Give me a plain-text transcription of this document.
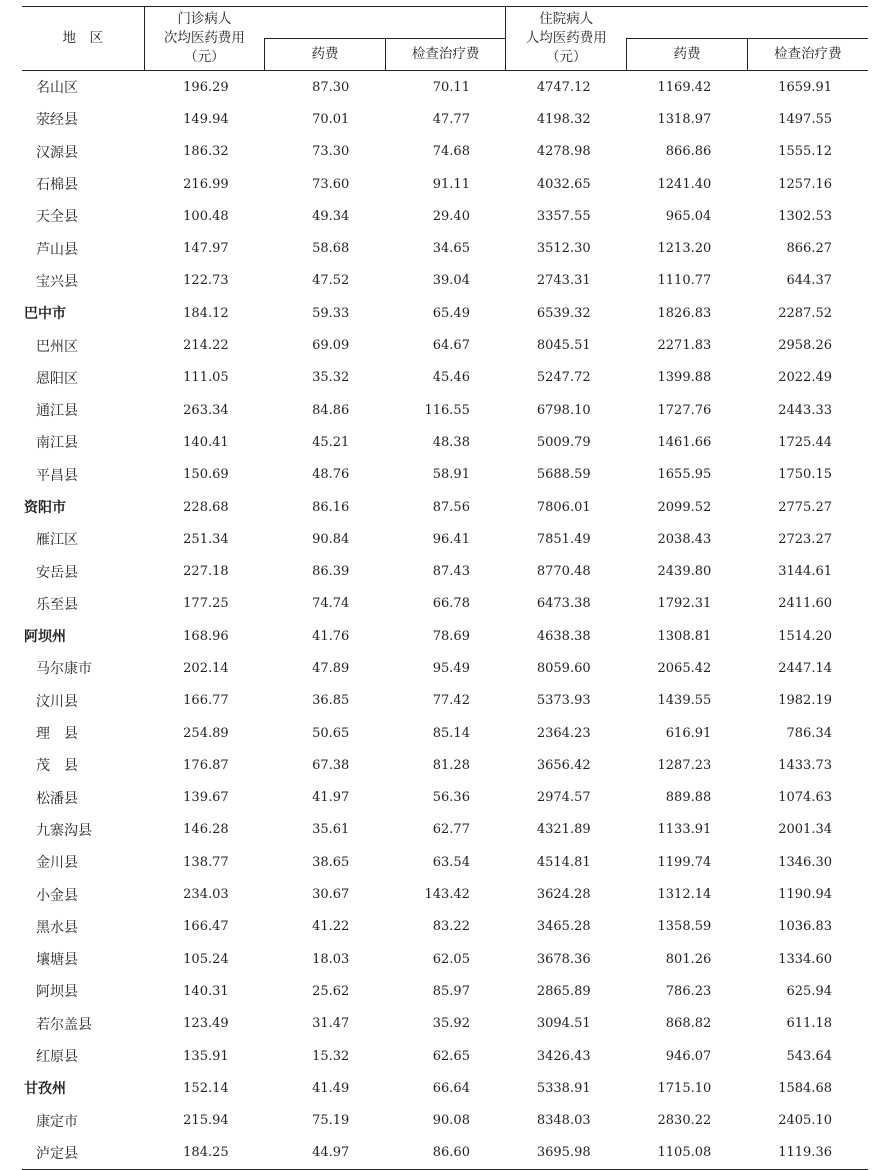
地　区	门诊病人
次均医药费用
（元）			住院病人
人均医药费用
（元）		

		药费	检查治疗费		药费	检查治疗费
名山区	196.29	87.30	70.11	4747.12	1169.42	1659.91
荥经县	149.94	70.01	47.77	4198.32	1318.97	1497.55
汉源县	186.32	73.30	74.68	4278.98	866.86	1555.12
石棉县	216.99	73.60	91.11	4032.65	1241.40	1257.16
天全县	100.48	49.34	29.40	3357.55	965.04	1302.53
芦山县	147.97	58.68	34.65	3512.30	1213.20	866.27
宝兴县	122.73	47.52	39.04	2743.31	1110.77	644.37
巴中市	184.12	59.33	65.49	6539.32	1826.83	2287.52
巴州区	214.22	69.09	64.67	8045.51	2271.83	2958.26
恩阳区	111.05	35.32	45.46	5247.72	1399.88	2022.49
通江县	263.34	84.86	116.55	6798.10	1727.76	2443.33
南江县	140.41	45.21	48.38	5009.79	1461.66	1725.44
平昌县	150.69	48.76	58.91	5688.59	1655.95	1750.15
资阳市	228.68	86.16	87.56	7806.01	2099.52	2775.27
雁江区	251.34	90.84	96.41	7851.49	2038.43	2723.27
安岳县	227.18	86.39	87.43	8770.48	2439.80	3144.61
乐至县	177.25	74.74	66.78	6473.38	1792.31	2411.60
阿坝州	168.96	41.76	78.69	4638.38	1308.81	1514.20
马尔康市	202.14	47.89	95.49	8059.60	2065.42	2447.14
汶川县	166.77	36.85	77.42	5373.93	1439.55	1982.19
理　县	254.89	50.65	85.14	2364.23	616.91	786.34
茂　县	176.87	67.38	81.28	3656.42	1287.23	1433.73
松潘县	139.67	41.97	56.36	2974.57	889.88	1074.63
九寨沟县	146.28	35.61	62.77	4321.89	1133.91	2001.34
金川县	138.77	38.65	63.54	4514.81	1199.74	1346.30
小金县	234.03	30.67	143.42	3624.28	1312.14	1190.94
黑水县	166.47	41.22	83.22	3465.28	1358.59	1036.83
壤塘县	105.24	18.03	62.05	3678.36	801.26	1334.60
阿坝县	140.31	25.62	85.97	2865.89	786.23	625.94
若尔盖县	123.49	31.47	35.92	3094.51	868.82	611.18
红原县	135.91	15.32	62.65	3426.43	946.07	543.64
甘孜州	152.14	41.49	66.64	5338.91	1715.10	1584.68
康定市	215.94	75.19	90.08	8348.03	2830.22	2405.10
泸定县	184.25	44.97	86.60	3695.98	1105.08	1119.36
